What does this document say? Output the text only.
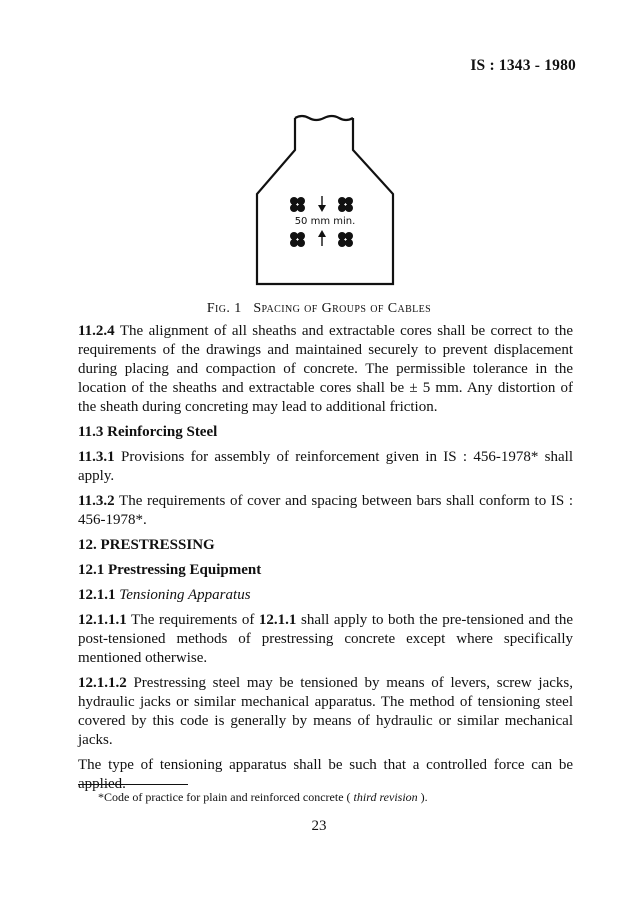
IS : 1343 - 1980
50 mm min.
Fig. 1 Spacing of Groups of Cables

11.2.4 The alignment of all sheaths and extractable cores shall be correct to the requirements of the drawings and maintained securely to prevent displacement during placing and compaction of concrete. The permissible tolerance in the location of the sheaths and extractable cores shall be ± 5 mm. Any distortion of the sheath during concreting may lead to additional friction.

11.3 Reinforcing Steel

11.3.1 Provisions for assembly of reinforcement given in IS : 456-1978* shall apply.

11.3.2 The requirements of cover and spacing between bars shall conform to IS : 456-1978*.

12. PRESTRESSING
12.1 Prestressing Equipment

12.1.1 Tensioning Apparatus

12.1.1.1 The requirements of 12.1.1 shall apply to both the pre-tensioned and the post-tensioned methods of prestressing concrete except where specifically mentioned otherwise.

12.1.1.2 Prestressing steel may be tensioned by means of levers, screw jacks, hydraulic jacks or similar mechanical apparatus. The method of tensioning steel covered by this code is generally by means of hydraulic or similar mechanical jacks.

The type of tensioning apparatus shall be such that a controlled force can be applied.

*Code of practice for plain and reinforced concrete ( third revision ).
23
